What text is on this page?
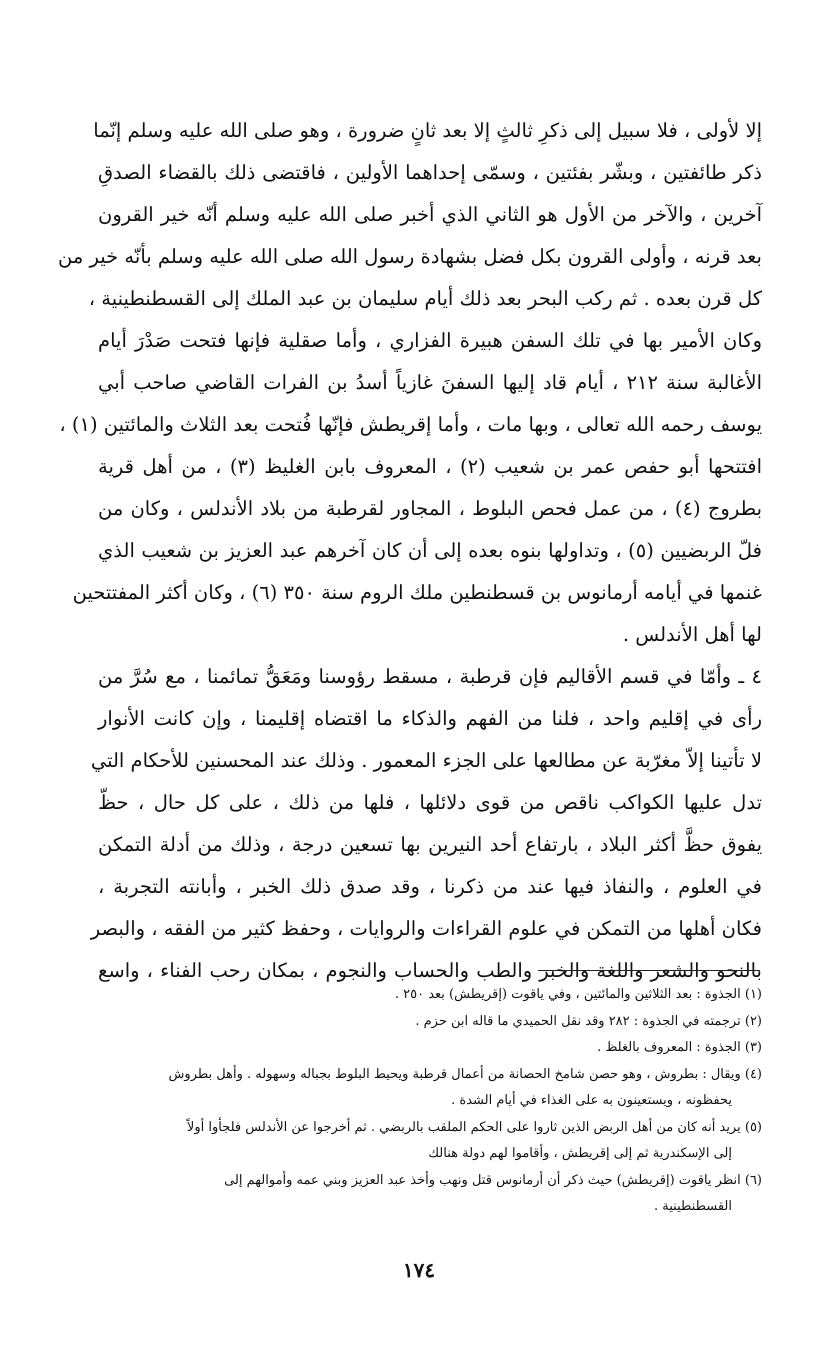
إلا لأولى ، فلا سبيل إلى ذكرِ ثالثٍ إلا بعد ثانٍ ضرورة ، وهو صلى الله عليه وسلم إنّما
ذكر طائفتين ، وبشّر بفئتين ، وسمّى إحداهما الأولين ، فاقتضى ذلك بالقضاء الصدقِ
آخرين ، والآخر من الأول هو الثاني الذي أخبر صلى الله عليه وسلم أنّه خير القرون
بعد قرنه ، وأولى القرون بكل فضل بشهادة رسول الله صلى الله عليه وسلم بأنّه خير من
كل قرن بعده . ثم ركب البحر بعد ذلك أيام سليمان بن عبد الملك إلى القسطنطينية ،
وكان الأمير بها في تلك السفن هبيرة الفزاري ، وأما صقلية فإنها فتحت صَدْرَ أيام
الأغالبة سنة ٢١٢ ، أيام قاد إليها السفنَ غازياً أسدُ بن الفرات القاضي صاحب أبي
يوسف رحمه الله تعالى ، وبها مات ، وأما إقريطش فإنّها فُتحت بعد الثلاث والمائتين (١) ،
افتتحها أبو حفص عمر بن شعيب (٢) ، المعروف بابن الغليظ (٣) ، من أهل قرية
بطروج (٤) ، من عمل فحص البلوط ، المجاور لقرطبة من بلاد الأندلس ، وكان من
فلّ الربضيين (٥) ، وتداولها بنوه بعده إلى أن كان آخرهم عبد العزيز بن شعيب الذي
غنمها في أيامه أرمانوس بن قسطنطين ملك الروم سنة ٣٥٠ (٦) ، وكان أكثر المفتتحين
لها أهل الأندلس .
٤ ـ وأمّا في قسم الأقاليم فإن قرطبة ، مسقط رؤوسنا ومَعَقُّ تمائمنا ، مع سُرَّ من
رأى في إقليم واحد ، فلنا من الفهم والذكاء ما اقتضاه إقليمنا ، وإن كانت الأنوار
لا تأتينا إلاّ مغرّبة عن مطالعها على الجزء المعمور . وذلك عند المحسنين للأحكام التي
تدل عليها الكواكب ناقص من قوى دلائلها ، فلها من ذلك ، على كل حال ، حظّ
يفوق حظَّ أكثر البلاد ، بارتفاع أحد النيرين بها تسعين درجة ، وذلك من أدلة التمكن
في العلوم ، والنفاذ فيها عند من ذكرنا ، وقد صدق ذلك الخبر ، وأبانته التجربة ،
فكان أهلها من التمكن في علوم القراءات والروايات ، وحفظ كثير من الفقه ، والبصر
بالنحو والشعر واللغة والخبر والطب والحساب والنجوم ، بمكان رحب الفناء ، واسع
(١) الجذوة : بعد الثلاثين والمائتين ، وفي ياقوت (إقريطش) بعد ٢٥٠ .
(٢) ترجمته في الجذوة : ٢٨٢ وقد نقل الحميدي ما قاله ابن حزم .
(٣) الجذوة : المعروف بالغلظ .
(٤) ويقال : بطروش ، وهو حصن شامخ الحصانة من أعمال قرطبة ويحيط البلوط بجباله وسهوله . وأهل بطروش
يحفظونه ، ويستعينون به على الغذاء في أيام الشدة .
(٥) يريد أنه كان من أهل الربض الذين ثاروا على الحكم الملقب بالربضي . ثم أخرجوا عن الأندلس فلجأوا أولاً
إلى الإسكندرية ثم إلى إقريطش ، وأقاموا لهم دولة هنالك
(٦) انظر ياقوت (إقريطش) حيث ذكر أن أرمانوس قتل ونهب وأخذ عبد العزيز وبني عمه وأموالهم إلى
القسطنطينية .
١٧٤
